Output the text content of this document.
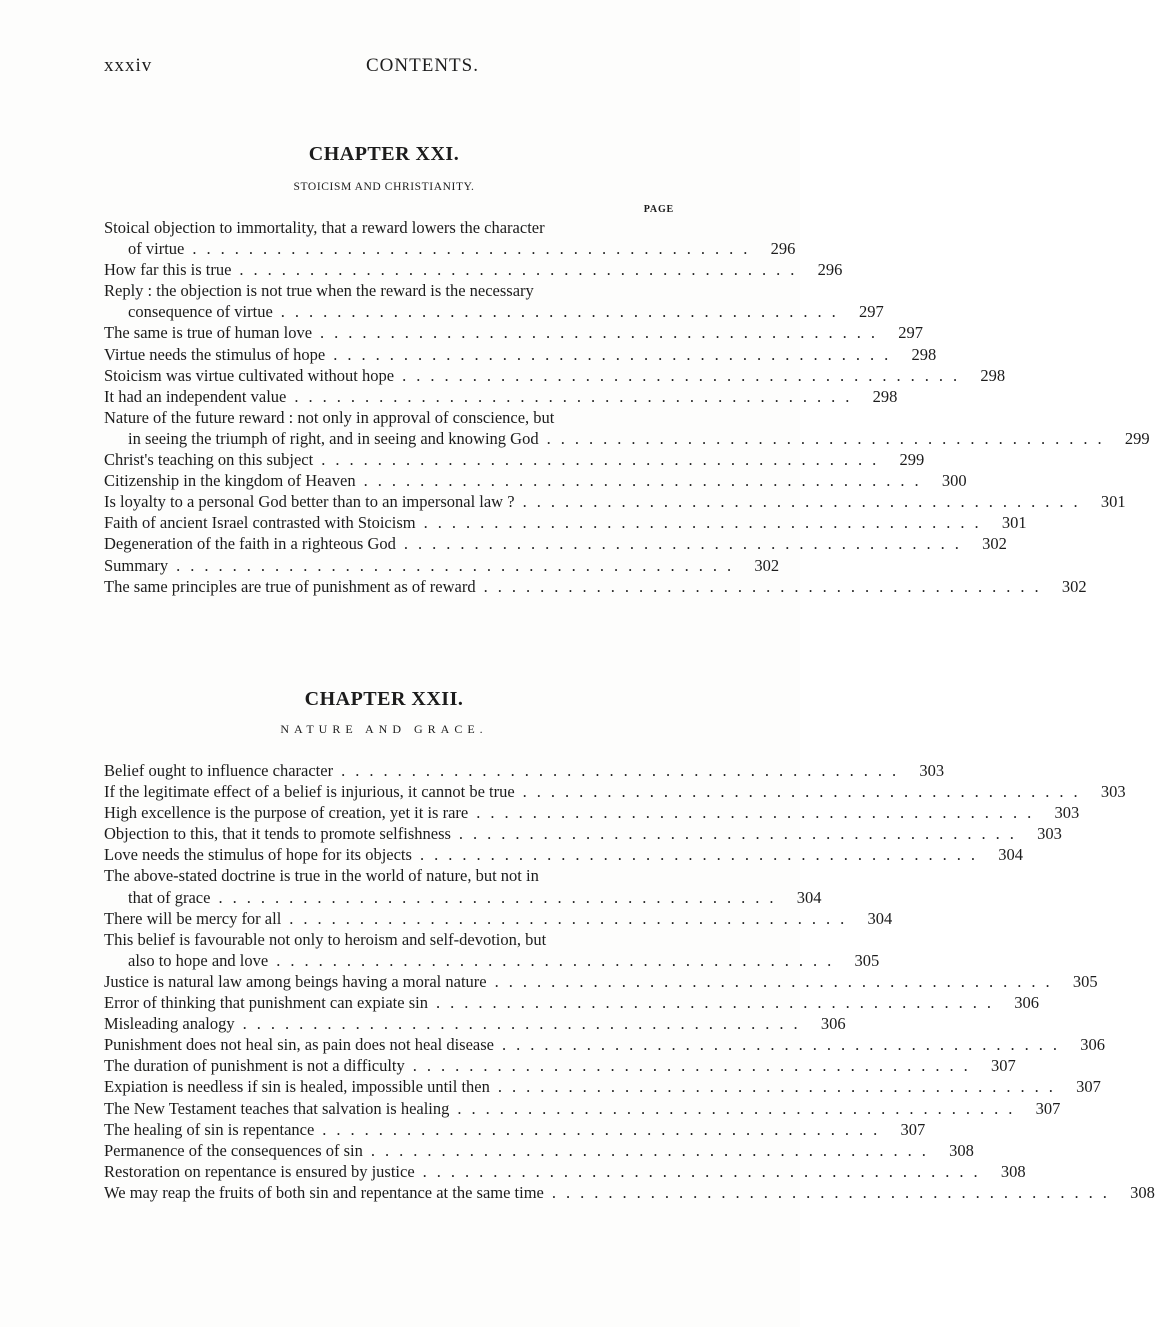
xxxiv	CONTENTS.
CHAPTER XXI.
STOICISM AND CHRISTIANITY.
PAGE
Stoical objection to immortality, that a reward lowers the character
of virtue ........................................ 296
How far this is true ........................................ 296
Reply : the objection is not true when the reward is the necessary
consequence of virtue ........................................ 297
The same is true of human love ........................................ 297
Virtue needs the stimulus of hope ........................................ 298
Stoicism was virtue cultivated without hope ........................................ 298
It had an independent value ........................................ 298
Nature of the future reward : not only in approval of conscience, but
in seeing the triumph of right, and in seeing and knowing God ........................................ 299
Christ's teaching on this subject ........................................ 299
Citizenship in the kingdom of Heaven ........................................ 300
Is loyalty to a personal God better than to an impersonal law ? ........................................ 301
Faith of ancient Israel contrasted with Stoicism ........................................ 301
Degeneration of the faith in a righteous God ........................................ 302
Summary ........................................ 302
The same principles are true of punishment as of reward ........................................ 302
CHAPTER XXII.
NATURE AND GRACE.
Belief ought to influence character ........................................ 303
If the legitimate effect of a belief is injurious, it cannot be true ........................................ 303
High excellence is the purpose of creation, yet it is rare ........................................ 303
Objection to this, that it tends to promote selfishness ........................................ 303
Love needs the stimulus of hope for its objects ........................................ 304
The above-stated doctrine is true in the world of nature, but not in
that of grace ........................................ 304
There will be mercy for all ........................................ 304
This belief is favourable not only to heroism and self-devotion, but
also to hope and love ........................................ 305
Justice is natural law among beings having a moral nature ........................................ 305
Error of thinking that punishment can expiate sin ........................................ 306
Misleading analogy ........................................ 306
Punishment does not heal sin, as pain does not heal disease ........................................ 306
The duration of punishment is not a difficulty ........................................ 307
Expiation is needless if sin is healed, impossible until then ........................................ 307
The New Testament teaches that salvation is healing ........................................ 307
The healing of sin is repentance ........................................ 307
Permanence of the consequences of sin ........................................ 308
Restoration on repentance is ensured by justice ........................................ 308
We may reap the fruits of both sin and repentance at the same time ........................................ 308
